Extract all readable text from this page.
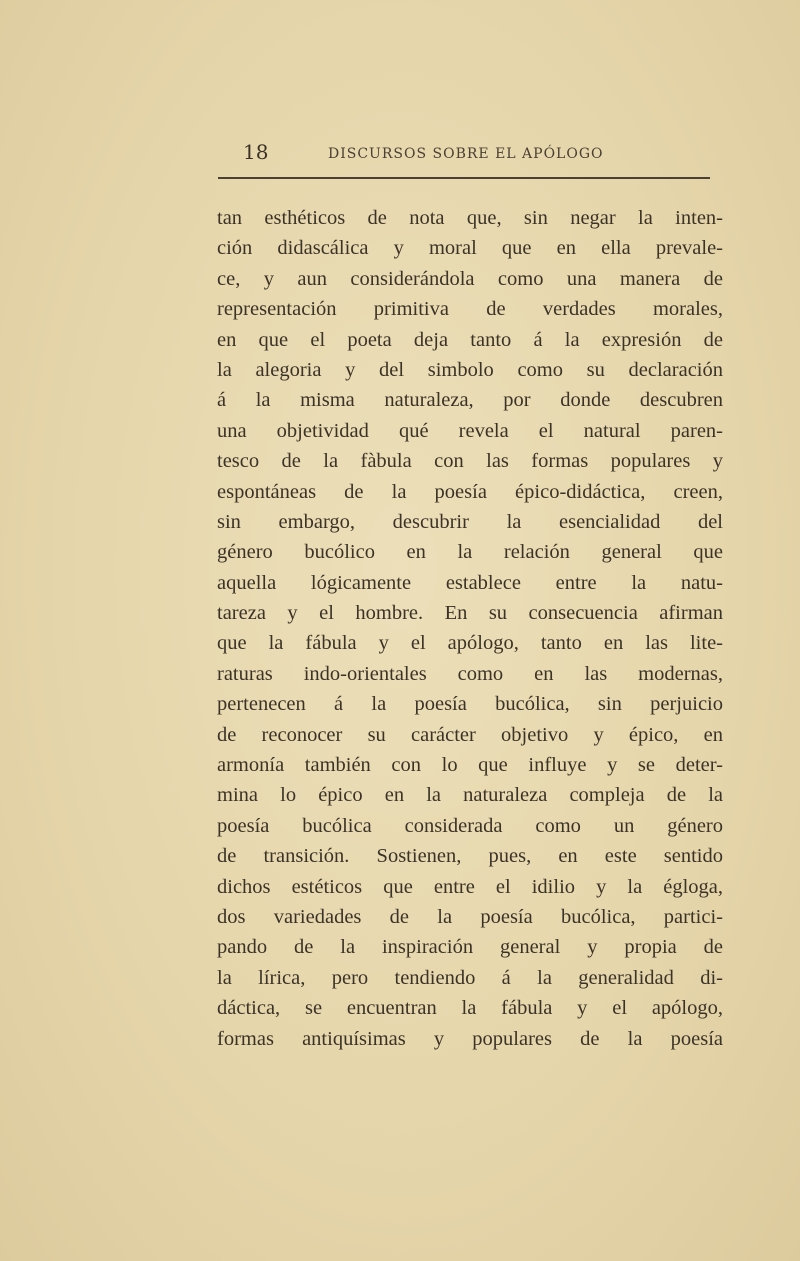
18	DISCURSOS SOBRE EL APÓLOGO
tan esthéticos de nota que, sin negar la inten-
ción didascálica y moral que en ella prevale-
ce, y aun considerándola como una manera de
representación primitiva de verdades morales,
en que el poeta deja tanto á la expresión de
la alegoria y del simbolo como su declaración
á la misma naturaleza, por donde descubren
una objetividad qué revela el natural paren-
tesco de la fàbula con las formas populares y
espontáneas de la poesía épico-didáctica, creen,
sin embargo, descubrir la esencialidad del
género bucólico en la relación general que
aquella lógicamente establece entre la natu-
tareza y el hombre. En su consecuencia afirman
que la fábula y el apólogo, tanto en las lite-
raturas indo-orientales como en las modernas,
pertenecen á la poesía bucólica, sin perjuicio
de reconocer su carácter objetivo y épico, en
armonía también con lo que influye y se deter-
mina lo épico en la naturaleza compleja de la
poesía bucólica considerada como un género
de transición. Sostienen, pues, en este sentido
dichos estéticos que entre el idilio y la égloga,
dos variedades de la poesía bucólica, partici-
pando de la inspiración general y propia de
la lírica, pero tendiendo á la generalidad di-
dáctica, se encuentran la fábula y el apólogo,
formas antiquísimas y populares de la poesía
